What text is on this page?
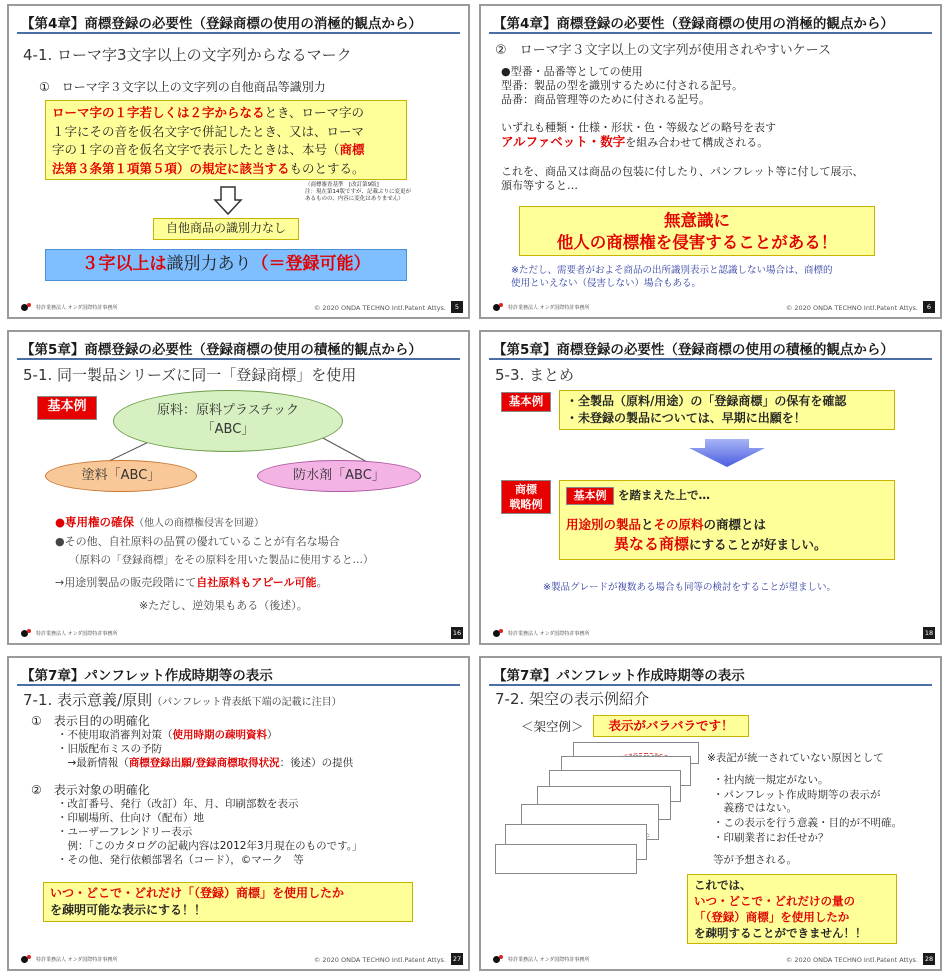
【第4章】商標登録の必要性（登録商標の使用の消極的観点から）
4-1. ローマ字3文字以上の文字列からなるマーク
①　ローマ字３文字以上の文字列の自他商品等識別力
ローマ字の１字若しくは２字からなるとき、ローマ字の
１字にその音を仮名文字で併記したとき、又は、ローマ
字の１字の音を仮名文字で表示したときは、本号（商標
法第３条第１項第５項）の規定に該当するものとする。
（商標審査基準　[改訂第9版]
注：現在第14版ですが、記載ぶりに変更が
あるものの、内容に変化はありません）
自他商品の識別力なし
３字以上は識別力あり（＝登録可能）
特許業務法人 オンダ国際特許事務所	© 2020 ONDA TECHNO Intl.Patent Attys.	5
【第4章】商標登録の必要性（登録商標の使用の消極的観点から）
②　ローマ字３文字以上の文字列が使用されやすいケース
●型番・品番等としての使用
型番：製品の型を識別するために付される記号。
品番：商品管理等のために付される記号。
いずれも種類・仕様・形状・色・等級などの略号を表す
アルファベット・数字を組み合わせて構成される。
これを、商品又は商品の包装に付したり、パンフレット等に付して展示、
頒布等すると…
無意識に
他人の商標権を侵害することがある！
※ただし、需要者がおよそ商品の出所識別表示と認識しない場合は、商標的
使用といえない（侵害しない）場合もある。
特許業務法人 オンダ国際特許事務所	© 2020 ONDA TECHNO Intl.Patent Attys.	6
【第5章】商標登録の必要性（登録商標の使用の積極的観点から）
5-1. 同一製品シリーズに同一「登録商標」を使用
基本例	原料：原料プラスチック
「ABC」
塗料「ABC」	防水剤「ABC」
●専用権の確保（他人の商標権侵害を回避）
●その他、自社原料の品質の優れていることが有名な場合
（原料の「登録商標」をその原料を用いた製品に使用すると…）
→用途別製品の販売段階にて自社原料もアピール可能。
※ただし、逆効果もある（後述）。
特許業務法人 オンダ国際特許事務所	16
【第5章】商標登録の必要性（登録商標の使用の積極的観点から）
5-3. まとめ
基本例	・全製品（原料/用途）の「登録商標」の保有を確認
・未登録の製品については、早期に出願を！
商標
戦略例
基本例	を踏まえた上で…
用途別の製品とその原料の商標とは
異なる商標にすることが好ましい。
※製品グレードが複数ある場合も同等の検討をすることが望ましい。
特許業務法人 オンダ国際特許事務所	18
【第7章】パンフレット作成時期等の表示
7-1. 表示意義/原則（パンフレット背表紙下端の記載に注目）
①　表示目的の明確化
・不使用取消審判対策（使用時期の疎明資料）
・旧版配布ミスの予防
　→最新情報（商標登録出願/登録商標取得状況：後述）の提供
②　表示対象の明確化
・改訂番号、発行（改訂）年、月、印刷部数を表示
・印刷場所、仕向け（配布）地
・ユーザーフレンドリー表示
　例：「このカタログの記載内容は2012年3月現在のものです。」
・その他、発行依頼部署名（コード），©マーク　等
いつ・どこで・どれだけ「（登録）商標」を使用したか
を疎明可能な表示にする！！
特許業務法人 オンダ国際特許事務所	© 2020 ONDA TECHNO Intl.Patent Attys. 27
【第7章】パンフレット作成時期等の表示
7-2. 架空の表示例紹介
＜架空例＞	表示がバラバラです！
※表記が統一されていない原因として
・社内統一規定がない。
・パンフレット作成時期等の表示が
　義務ではない。
・この表示を行う意義・目的が不明確。
・印刷業者にお任せか？
等が予想される。
これでは、
いつ・どこで・どれだけの量の
「（登録）商標」を使用したか
を疎明することができません！！
特許業務法人 オンダ国際特許事務所	© 2020 ONDA TECHNO Intl.Patent Attys. 28
